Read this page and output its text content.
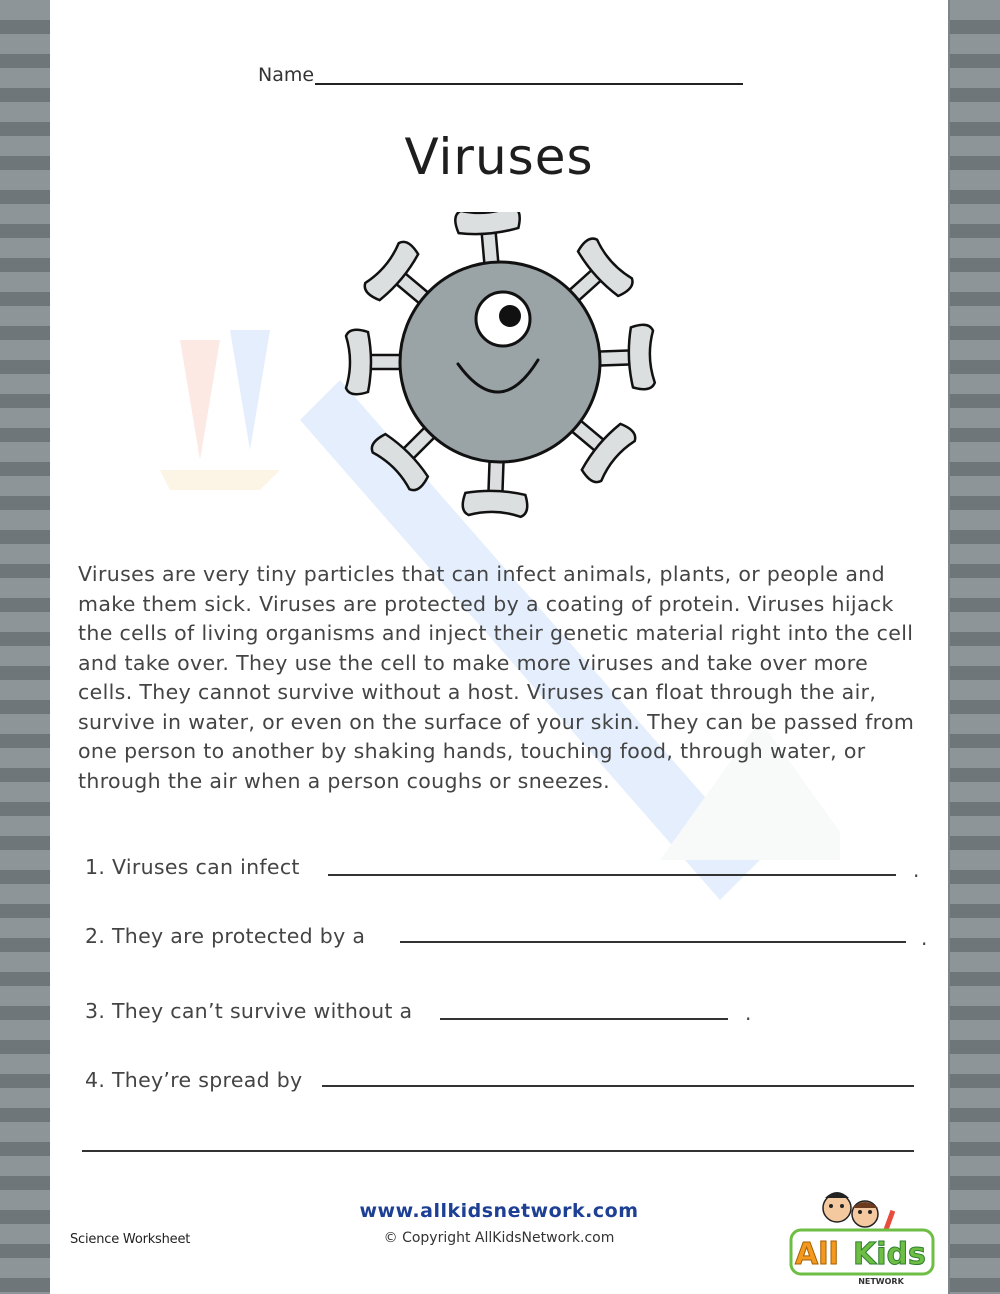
Name
Viruses

Viruses are very tiny particles that can infect animals, plants, or people and make them sick. Viruses are protected by a coating of protein. Viruses hijack the cells of living organisms and inject their genetic material right into the cell and take over. They use the cell to make more viruses and take over more cells. They cannot survive without a host. Viruses can float through the air, survive in water, or even on the surface of your skin. They can be passed from one person to another by shaking hands, touching food, through water, or through the air when a person coughs or sneezes.

1. Viruses can infect	.
2. They are protected by a	.
3. They can’t survive without a	.
4. They’re spread by
www.allkidsnetwork.com
© Copyright AllKidsNetwork.com
Science Worksheet	All Kids
NETWORK
